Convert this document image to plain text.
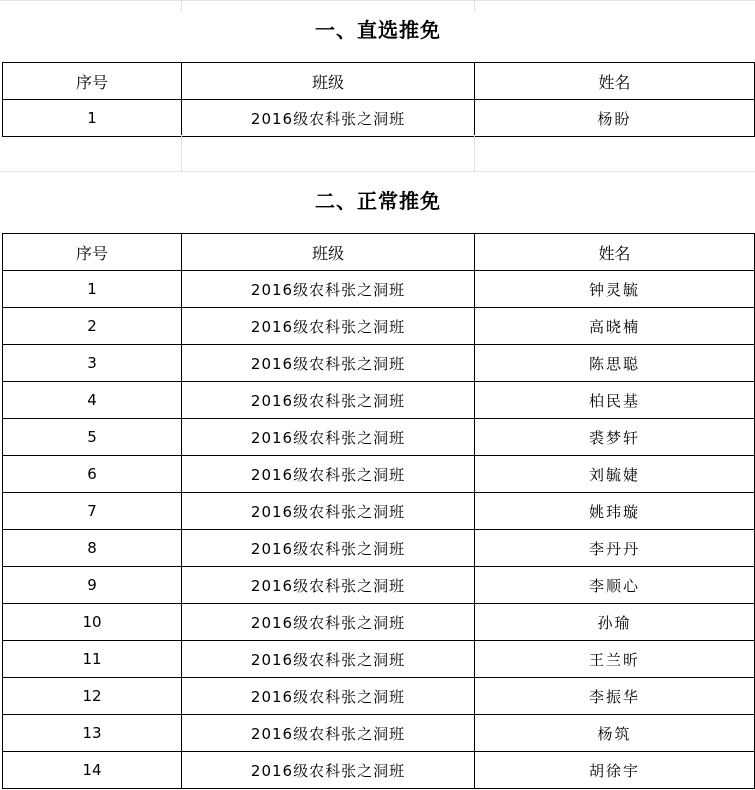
一、直选推免
序号	班级	姓名
1	2016级农科张之洞班	杨盼
二、正常推免
序号	班级	姓名
1	2016级农科张之洞班	钟灵毓
2	2016级农科张之洞班	高晓楠
3	2016级农科张之洞班	陈思聪
4	2016级农科张之洞班	柏民基
5	2016级农科张之洞班	裘梦轩
6	2016级农科张之洞班	刘毓婕
7	2016级农科张之洞班	姚玮璇
8	2016级农科张之洞班	李丹丹
9	2016级农科张之洞班	李顺心
10	2016级农科张之洞班	孙瑜
11	2016级农科张之洞班	王兰昕
12	2016级农科张之洞班	李振华
13	2016级农科张之洞班	杨筑
14	2016级农科张之洞班	胡徐宇
